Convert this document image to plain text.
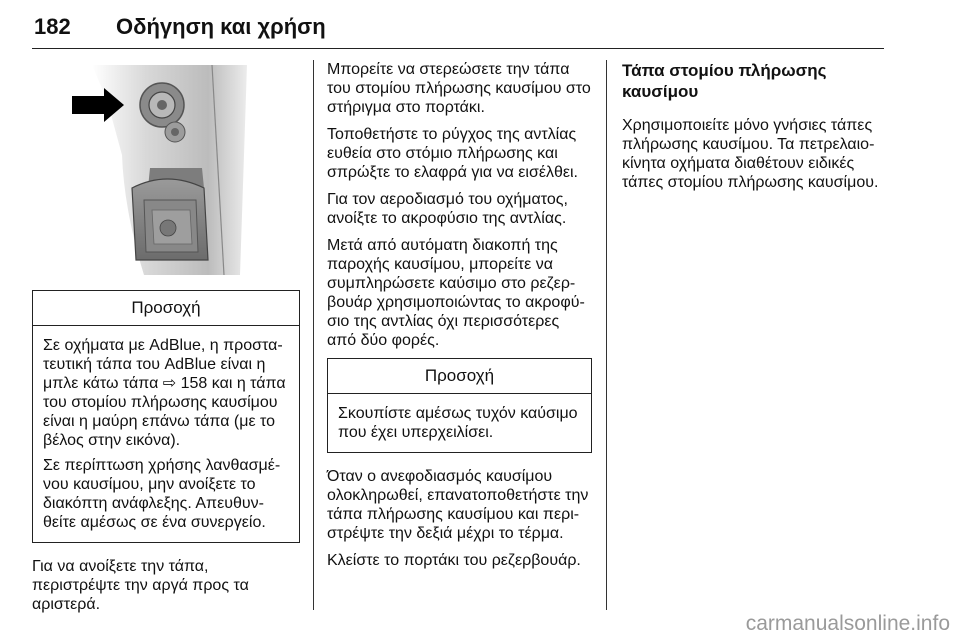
182 Οδήγηση και χρήση
Προσοχή

Σε οχήματα με AdBlue, η προστα-τευτική τάπα του AdBlue είναι η μπλε κάτω τάπα ⇨ 158 και η τάπα του στομίου πλήρωσης καυσίμου είναι η μαύρη επάνω τάπα (με το βέλος στην εικόνα).

Σε περίπτωση χρήσης λανθασμέ-νου καυσίμου, μην ανοίξετε το διακόπτη ανάφλεξης. Απευθυν-θείτε αμέσως σε ένα συνεργείο.

Για να ανοίξετε την τάπα, περιστρέψτε την αργά προς τα αριστερά.

Μπορείτε να στερεώσετε την τάπα του στομίου πλήρωσης καυσίμου στο στήριγμα στο πορτάκι.

Τοποθετήστε το ρύγχος της αντλίας ευθεία στο στόμιο πλήρωσης και σπρώξτε το ελαφρά για να εισέλθει.

Για τον αεροδιασμό του οχήματος, ανοίξτε το ακροφύσιο της αντλίας.

Μετά από αυτόματη διακοπή της παροχής καυσίμου, μπορείτε να συμπληρώσετε καύσιμο στο ρεζερ-βουάρ χρησιμοποιώντας το ακροφύ-σιο της αντλίας όχι περισσότερες από δύο φορές.

Προσοχή

Σκουπίστε αμέσως τυχόν καύσιμο που έχει υπερχειλίσει.

Όταν ο ανεφοδιασμός καυσίμου ολοκληρωθεί, επανατοποθετήστε την τάπα πλήρωσης καυσίμου και περι-στρέψτε την δεξιά μέχρι το τέρμα.

Κλείστε το πορτάκι του ρεζερβουάρ.

Τάπα στομίου πλήρωσης καυσίμου

Χρησιμοποιείτε μόνο γνήσιες τάπες πλήρωσης καυσίμου. Τα πετρελαιο-κίνητα οχήματα διαθέτουν ειδικές τάπες στομίου πλήρωσης καυσίμου.

carmanualsonline.info
